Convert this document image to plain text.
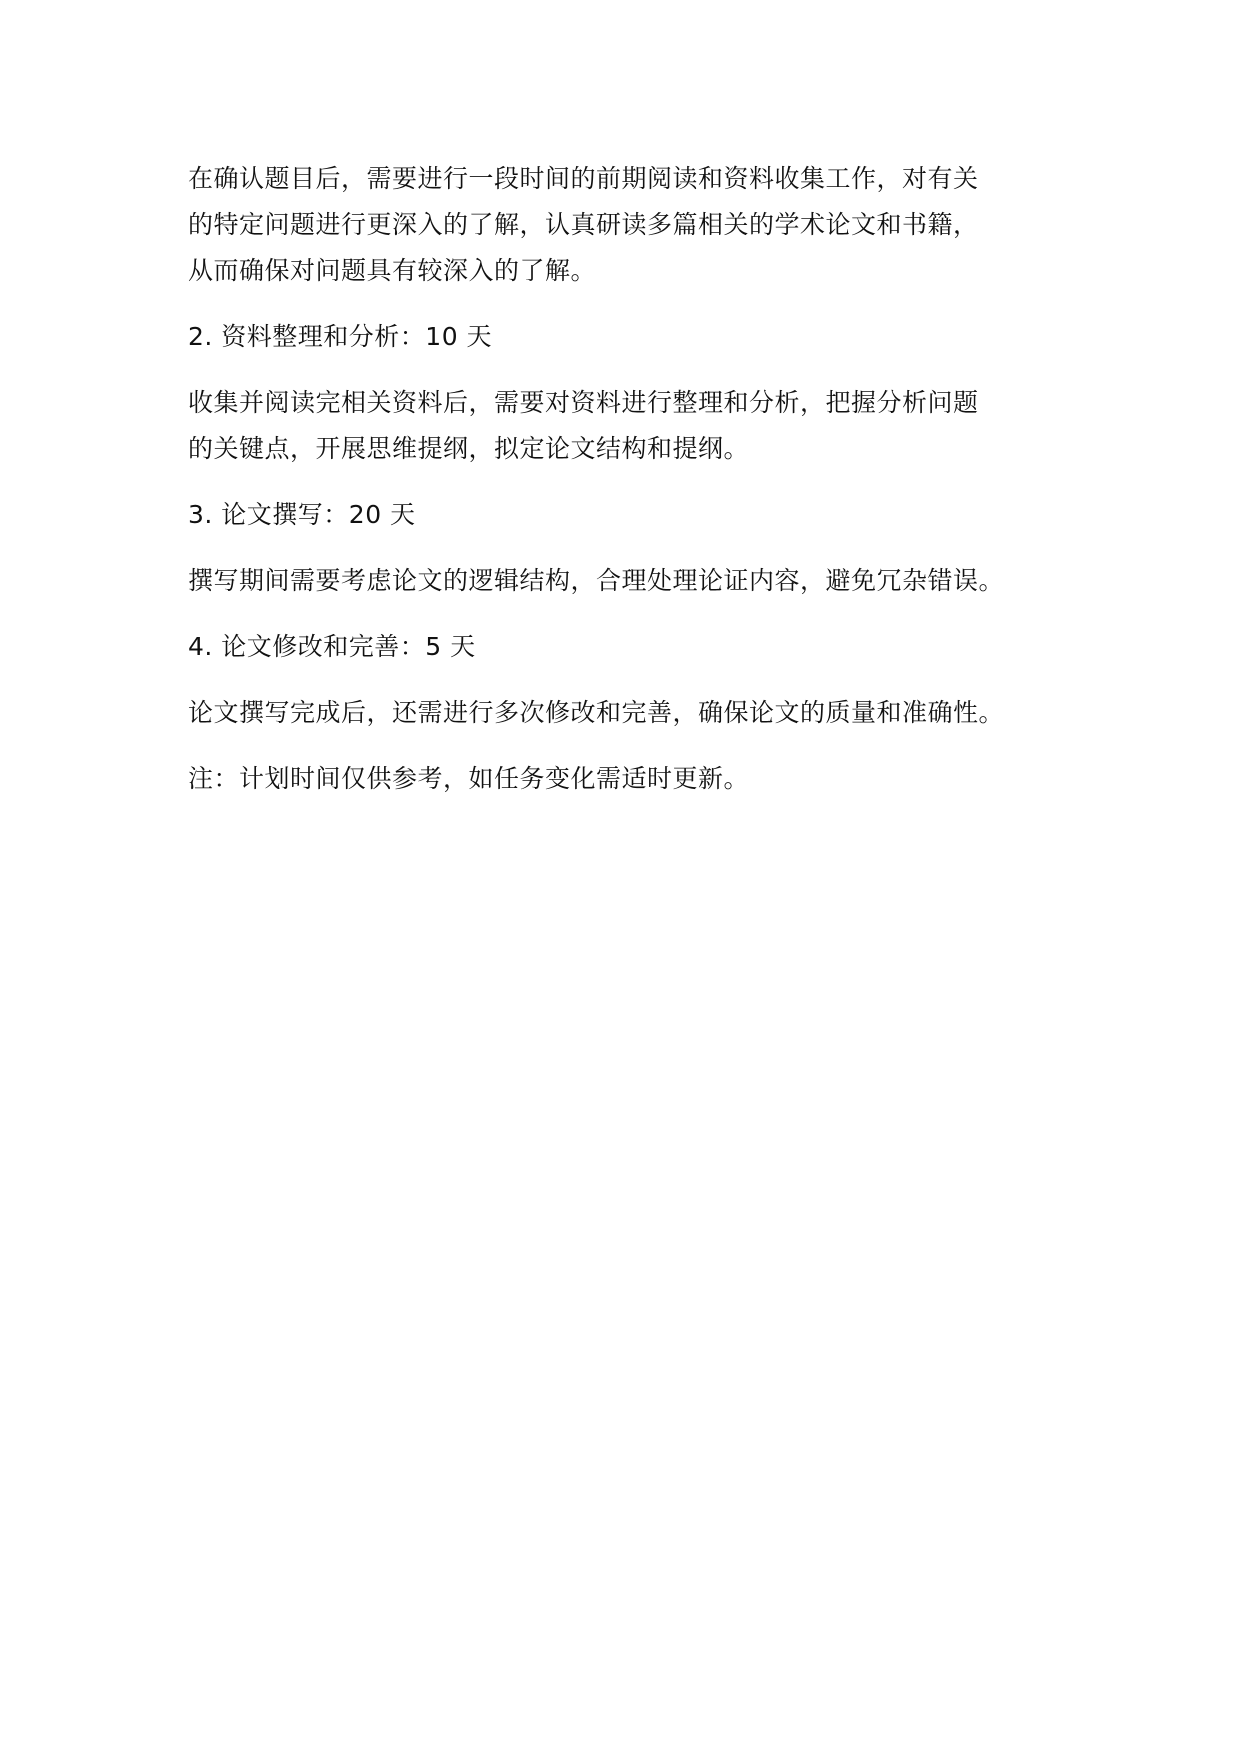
在确认题目后，需要进行一段时间的前期阅读和资料收集工作，对有关
的特定问题进行更深入的了解，认真研读多篇相关的学术论文和书籍，
从而确保对问题具有较深入的了解。

2. 资料整理和分析：10 天

收集并阅读完相关资料后，需要对资料进行整理和分析，把握分析问题
的关键点，开展思维提纲，拟定论文结构和提纲。

3. 论文撰写：20 天

撰写期间需要考虑论文的逻辑结构，合理处理论证内容，避免冗杂错误。

4. 论文修改和完善：5 天

论文撰写完成后，还需进行多次修改和完善，确保论文的质量和准确性。

注：计划时间仅供参考，如任务变化需适时更新。
